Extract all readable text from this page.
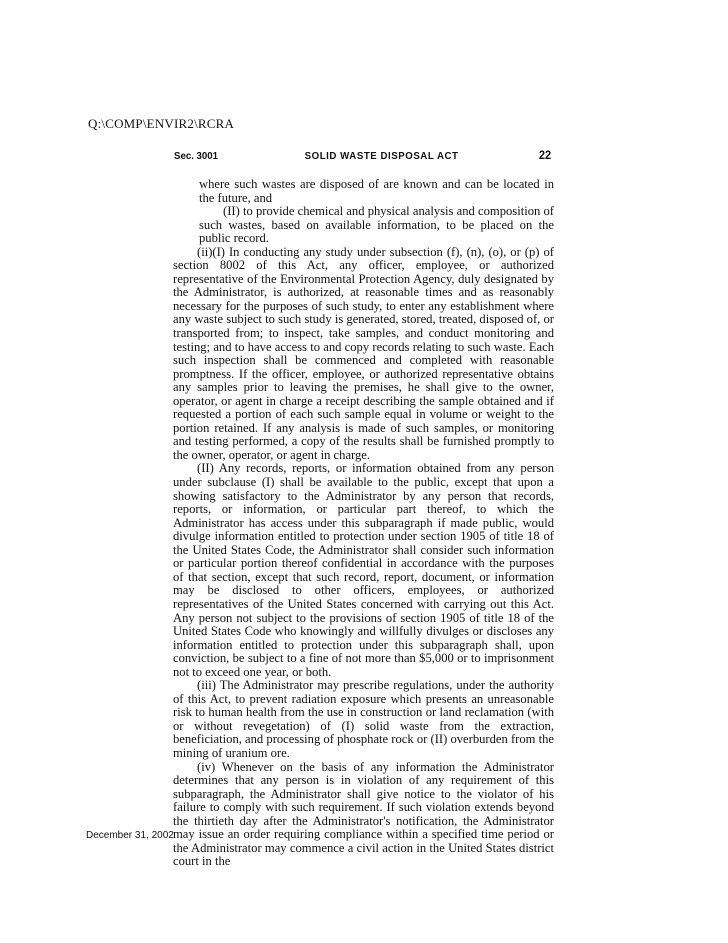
Q:\COMP\ENVIR2\RCRA
Sec. 3001	SOLID WASTE DISPOSAL ACT	22

where such wastes are disposed of are known and can be located in the future, and

(II) to provide chemical and physical analysis and composition of such wastes, based on available information, to be placed on the public record.

(ii)(I) In conducting any study under subsection (f), (n), (o), or (p) of section 8002 of this Act, any officer, employee, or authorized representative of the Environmental Protection Agency, duly designated by the Administrator, is authorized, at reasonable times and as reasonably necessary for the purposes of such study, to enter any establishment where any waste subject to such study is generated, stored, treated, disposed of, or transported from; to inspect, take samples, and conduct monitoring and testing; and to have access to and copy records relating to such waste. Each such inspection shall be commenced and completed with reasonable promptness. If the officer, employee, or authorized representative obtains any samples prior to leaving the premises, he shall give to the owner, operator, or agent in charge a receipt describing the sample obtained and if requested a portion of each such sample equal in volume or weight to the portion retained. If any analysis is made of such samples, or monitoring and testing performed, a copy of the results shall be furnished promptly to the owner, operator, or agent in charge.

(II) Any records, reports, or information obtained from any person under subclause (I) shall be available to the public, except that upon a showing satisfactory to the Administrator by any person that records, reports, or information, or particular part thereof, to which the Administrator has access under this subparagraph if made public, would divulge information entitled to protection under section 1905 of title 18 of the United States Code, the Administrator shall consider such information or particular portion thereof confidential in accordance with the purposes of that section, except that such record, report, document, or information may be disclosed to other officers, employees, or authorized representatives of the United States concerned with carrying out this Act. Any person not subject to the provisions of section 1905 of title 18 of the United States Code who knowingly and willfully divulges or discloses any information entitled to protection under this subparagraph shall, upon conviction, be subject to a fine of not more than $5,000 or to imprisonment not to exceed one year, or both.

(iii) The Administrator may prescribe regulations, under the authority of this Act, to prevent radiation exposure which presents an unreasonable risk to human health from the use in construction or land reclamation (with or without revegetation) of (I) solid waste from the extraction, beneficiation, and processing of phosphate rock or (II) overburden from the mining of uranium ore.

(iv) Whenever on the basis of any information the Administrator determines that any person is in violation of any requirement of this subparagraph, the Administrator shall give notice to the violator of his failure to comply with such requirement. If such violation extends beyond the thirtieth day after the Administrator's notification, the Administrator may issue an order requiring compliance within a specified time period or the Administrator may commence a civil action in the United States district court in the

December 31, 2002
